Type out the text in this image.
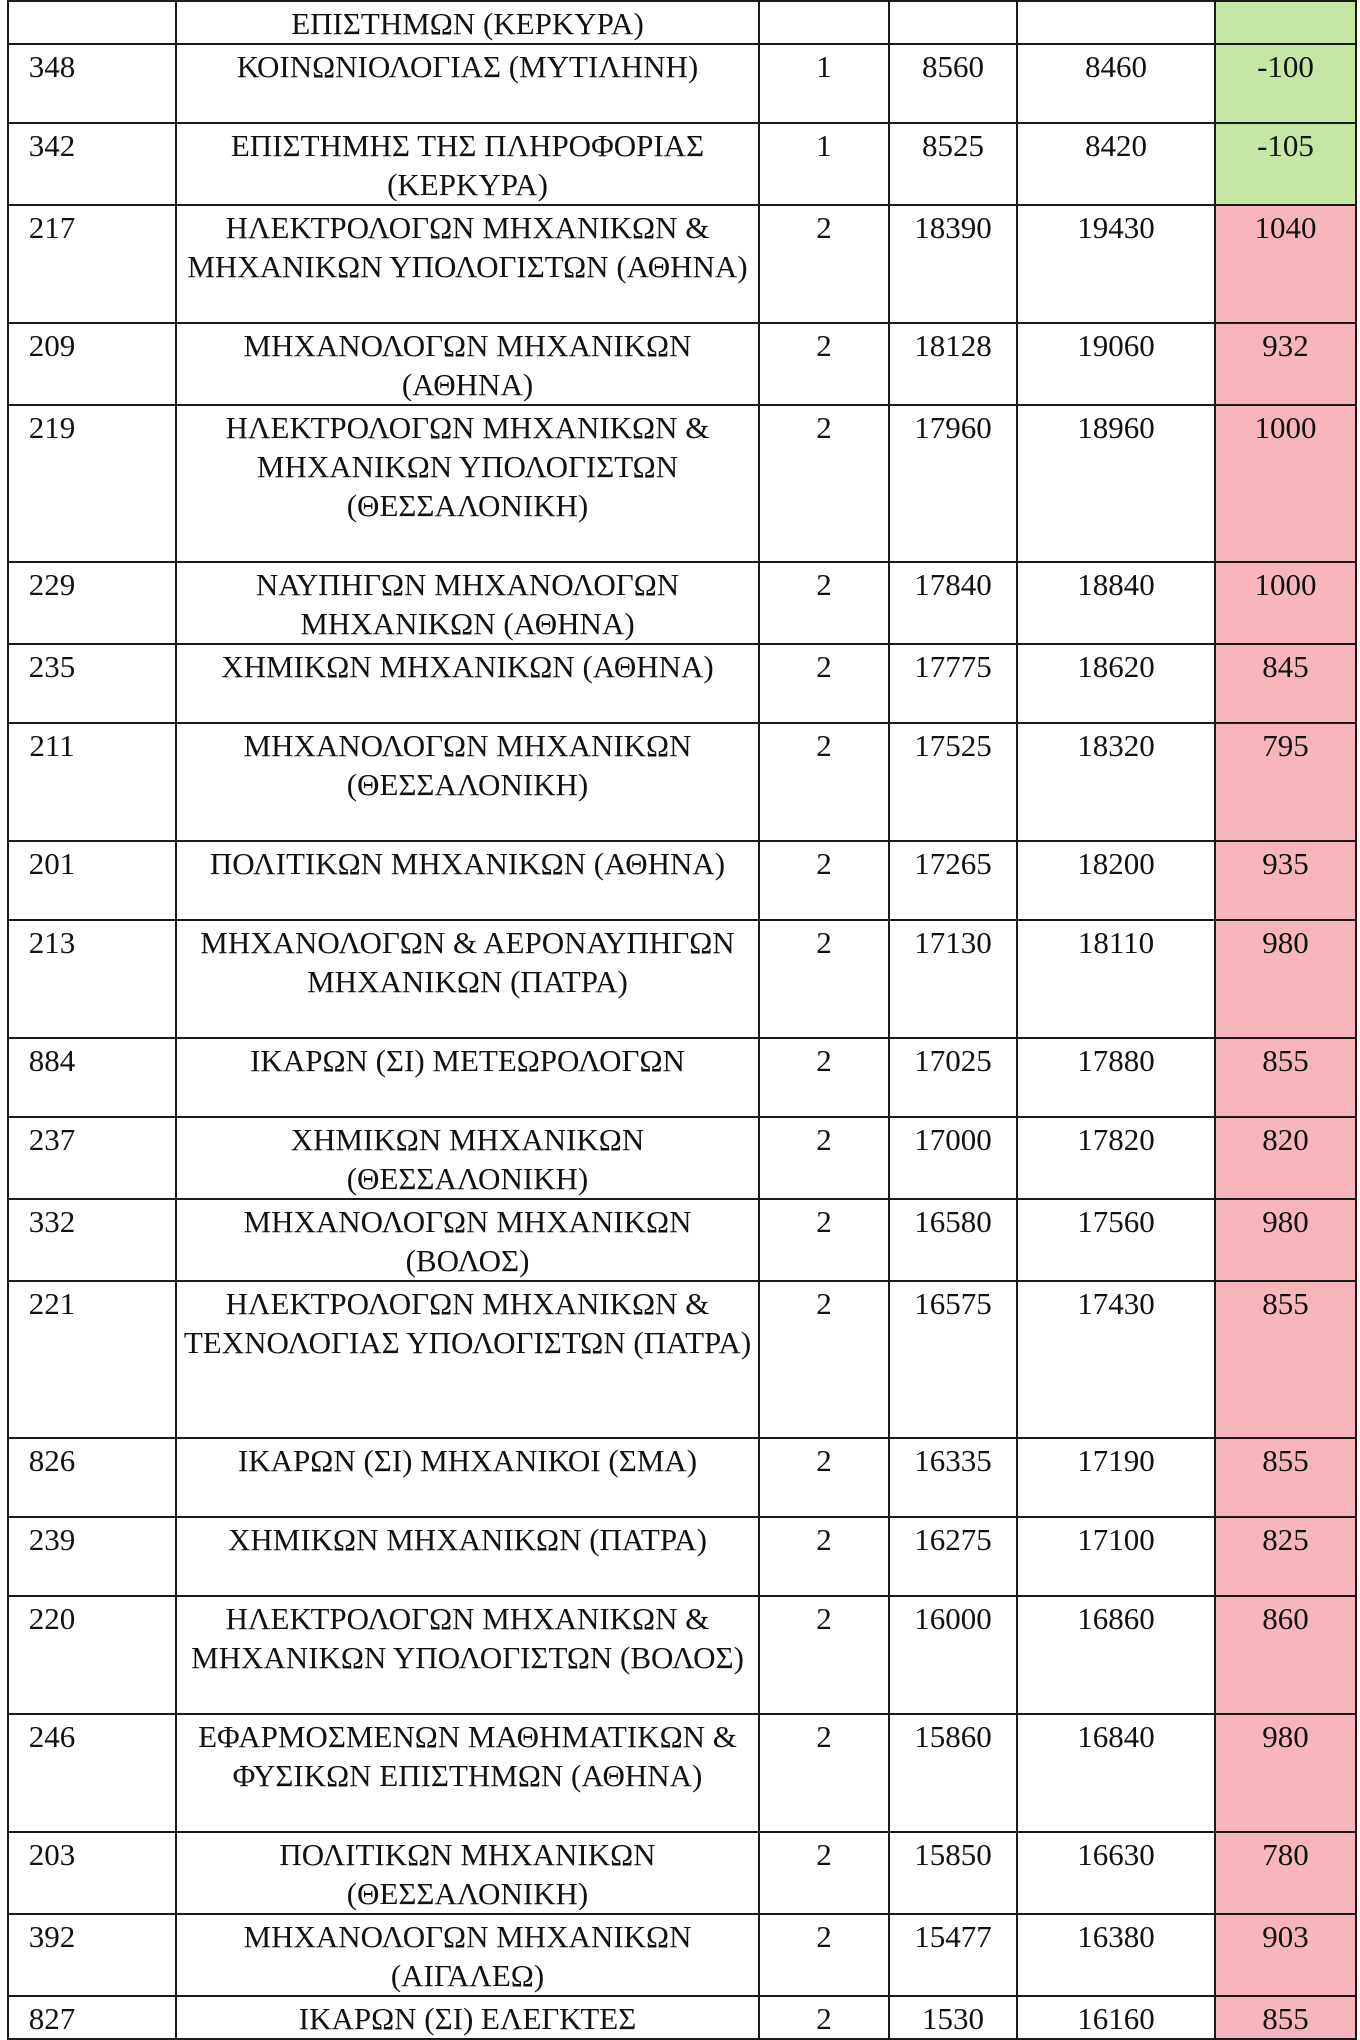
	ΕΠΙΣΤΗΜΩΝ (ΚΕΡΚΥΡΑ)				
348	ΚΟΙΝΩΝΙΟΛΟΓΙΑΣ (ΜΥΤΙΛΗΝΗ)	1	8560	8460	-100
342	ΕΠΙΣΤΗΜΗΣ ΤΗΣ ΠΛΗΡΟΦΟΡΙΑΣ (ΚΕΡΚΥΡΑ)	1	8525	8420	-105
217	ΗΛΕΚΤΡΟΛΟΓΩΝ ΜΗΧΑΝΙΚΩΝ & ΜΗΧΑΝΙΚΩΝ ΥΠΟΛΟΓΙΣΤΩΝ (ΑΘΗΝΑ)	2	18390	19430	1040
209	ΜΗΧΑΝΟΛΟΓΩΝ ΜΗΧΑΝΙΚΩΝ (ΑΘΗΝΑ)	2	18128	19060	932
219	ΗΛΕΚΤΡΟΛΟΓΩΝ ΜΗΧΑΝΙΚΩΝ & ΜΗΧΑΝΙΚΩΝ ΥΠΟΛΟΓΙΣΤΩΝ (ΘΕΣΣΑΛΟΝΙΚΗ)	2	17960	18960	1000
229	ΝΑΥΠΗΓΩΝ ΜΗΧΑΝΟΛΟΓΩΝ ΜΗΧΑΝΙΚΩΝ (ΑΘΗΝΑ)	2	17840	18840	1000
235	ΧΗΜΙΚΩΝ ΜΗΧΑΝΙΚΩΝ (ΑΘΗΝΑ)	2	17775	18620	845
211	ΜΗΧΑΝΟΛΟΓΩΝ ΜΗΧΑΝΙΚΩΝ (ΘΕΣΣΑΛΟΝΙΚΗ)	2	17525	18320	795
201	ΠΟΛΙΤΙΚΩΝ ΜΗΧΑΝΙΚΩΝ (ΑΘΗΝΑ)	2	17265	18200	935
213	ΜΗΧΑΝΟΛΟΓΩΝ & ΑΕΡΟΝΑΥΠΗΓΩΝ ΜΗΧΑΝΙΚΩΝ (ΠΑΤΡΑ)	2	17130	18110	980
884	ΙΚΑΡΩΝ (ΣΙ) ΜΕΤΕΩΡΟΛΟΓΩΝ	2	17025	17880	855
237	ΧΗΜΙΚΩΝ ΜΗΧΑΝΙΚΩΝ (ΘΕΣΣΑΛΟΝΙΚΗ)	2	17000	17820	820
332	ΜΗΧΑΝΟΛΟΓΩΝ ΜΗΧΑΝΙΚΩΝ (ΒΟΛΟΣ)	2	16580	17560	980
221	ΗΛΕΚΤΡΟΛΟΓΩΝ ΜΗΧΑΝΙΚΩΝ & ΤΕΧΝΟΛΟΓΙΑΣ ΥΠΟΛΟΓΙΣΤΩΝ (ΠΑΤΡΑ)	2	16575	17430	855
826	ΙΚΑΡΩΝ (ΣΙ) ΜΗΧΑΝΙΚΟΙ (ΣΜΑ)	2	16335	17190	855
239	ΧΗΜΙΚΩΝ ΜΗΧΑΝΙΚΩΝ (ΠΑΤΡΑ)	2	16275	17100	825
220	ΗΛΕΚΤΡΟΛΟΓΩΝ ΜΗΧΑΝΙΚΩΝ & ΜΗΧΑΝΙΚΩΝ ΥΠΟΛΟΓΙΣΤΩΝ (ΒΟΛΟΣ)	2	16000	16860	860
246	ΕΦΑΡΜΟΣΜΕΝΩΝ ΜΑΘΗΜΑΤΙΚΩΝ & ΦΥΣΙΚΩΝ ΕΠΙΣΤΗΜΩΝ (ΑΘΗΝΑ)	2	15860	16840	980
203	ΠΟΛΙΤΙΚΩΝ ΜΗΧΑΝΙΚΩΝ (ΘΕΣΣΑΛΟΝΙΚΗ)	2	15850	16630	780
392	ΜΗΧΑΝΟΛΟΓΩΝ ΜΗΧΑΝΙΚΩΝ (ΑΙΓΑΛΕΩ)	2	15477	16380	903
827	ΙΚΑΡΩΝ (ΣΙ) ΕΛΕΓΚΤΕΣ	2	1530	16160	855
